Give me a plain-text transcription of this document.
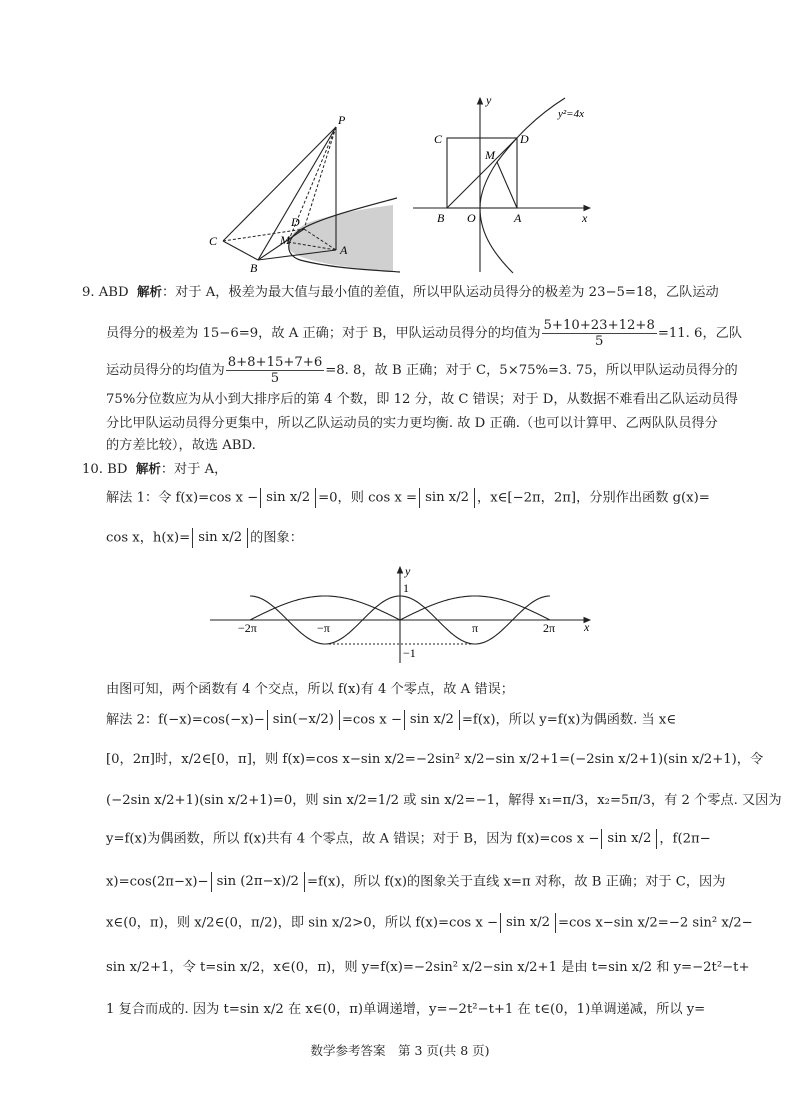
P
C
B
D
M
A
y
x
y²=4x
C	D
M
B O	A
9. ABD 解析：对于 A，极差为最大值与最小值的差值，所以甲队运动员得分的极差为 23−5=18，乙队运动
员得分的极差为 15−6=9，故 A 正确；对于 B，甲队运动员得分的均值为 $\frac{5+10+23+12+8}{5} =11$. 6，乙队
运动员得分的均值为 $\frac{8+8+15+7+6}{5} =8$. 8，故 B 正确；对于 C，5×75%=3. 75，所以甲队运动员得分的
75%分位数应为从小到大排序后的第 4 个数，即 12 分，故 C 错误；对于 D，从数据不难看出乙队运动员得
分比甲队运动员得分更集中，所以乙队运动员的实力更均衡. 故 D 正确.（也可以计算甲、乙两队队员得分
的方差比较），故选 ABD.
10. BD 解析：对于 A，
解法 1：令 f(x)=cos x − sin x/2 =0，则 cos x = sin x/2 ，x∈[−2π，2π]，分别作出函数 g(x)=
cos x，h(x)= sin x/2 的图象：
y
x
1
−1
−2π	−π	π	2π
由图可知，两个函数有 4 个交点，所以 f(x)有 4 个零点，故 A 错误；
解法 2：f(−x)=cos(−x)− sin(−x/2) =cos x − sin x/2 =f(x)，所以 y=f(x)为偶函数. 当 x∈
[0，2π]时，x/2∈[0，π]，则 f(x)=cos x−sin x/2=−2sin² x/2−sin x/2+1=(−2sin x/2+1)(sin x/2+1)，令
(−2sin x/2+1)(sin x/2+1)=0，则 sin x/2=1/2 或 sin x/2=−1，解得 x₁=π/3，x₂=5π/3，有 2 个零点. 又因为
y=f(x)为偶函数，所以 f(x)共有 4 个零点，故 A 错误；对于 B，因为 f(x)=cos x − sin x/2 ，f(2π−
x)=cos(2π−x)− sin (2π−x)/2 =f(x)，所以 f(x)的图象关于直线 x=π 对称，故 B 正确；对于 C，因为
x∈(0，π)，则 x/2∈(0，π/2)，即 sin x/2>0，所以 f(x)=cos x − sin x/2 =cos x−sin x/2=−2 sin² x/2−
sin x/2+1，令 t=sin x/2，x∈(0，π)，则 y=f(x)=−2sin² x/2−sin x/2+1 是由 t=sin x/2 和 y=−2t²−t+
1 复合而成的. 因为 t=sin x/2 在 x∈(0，π)单调递增，y=−2t²−t+1 在 t∈(0，1)单调递减，所以 y=
数学参考答案　第 3 页(共 8 页)
